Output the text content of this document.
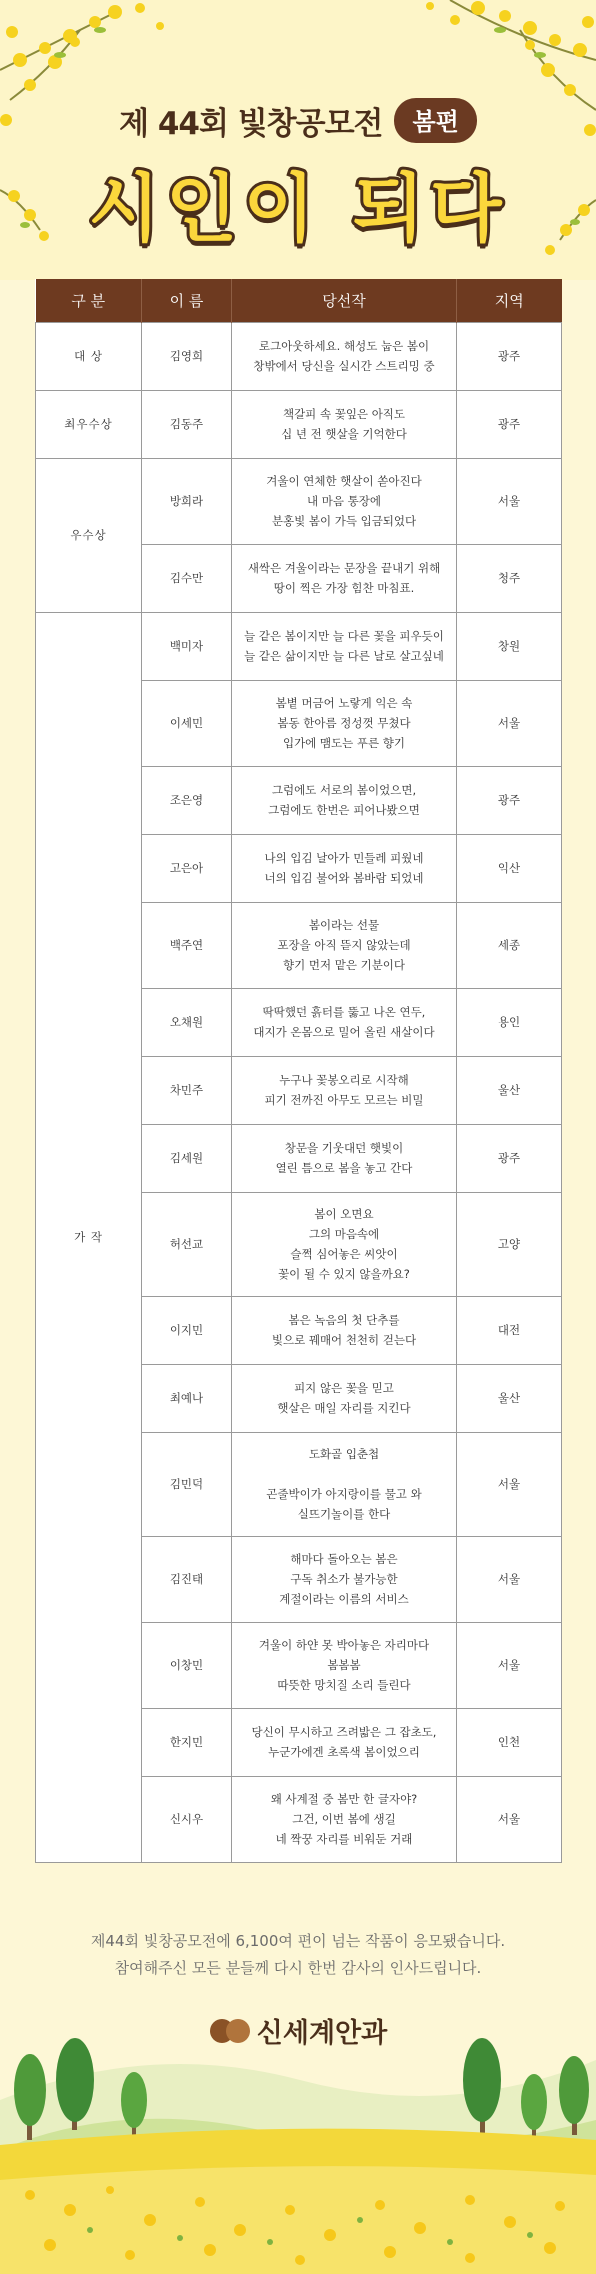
제 44회 빛창공모전 봄편
시인이 되다
구 분	이 름	당선작	지역
대 상	김영희	로그아웃하세요. 해성도 눕은 봄이
창밖에서 당신을 실시간 스트리밍 중	광주
최우수상	김동주	책갈피 속 꽃잎은 아직도
십 년 전 햇살을 기억한다	광주
우수상	방희라	겨울이 연체한 햇살이 쏟아진다
내 마음 통장에
분홍빛 봄이 가득 입금되었다	서울
	김수만	새싹은 겨울이라는 문장을 끝내기 위해
땅이 찍은 가장 힘찬 마침표.	청주
가 작	백미자	늘 같은 봄이지만 늘 다른 꽃을 피우듯이
늘 같은 삶이지만 늘 다른 날로 살고싶네	창원
	이세민	봄볕 머금어 노랗게 익은 속
봄동 한아름 정성껏 무쳤다
입가에 맴도는 푸른 향기	서울
	조은영	그럼에도 서로의 봄이었으면,
그럼에도 한번은 피어나봤으면	광주
	고은아	나의 입김 날아가 민들레 피웠네
너의 입김 불어와 봄바람 되었네	익산
	백주연	봄이라는 선물
포장을 아직 뜯지 않았는데
향기 먼저 맡은 기분이다	세종
	오채원	딱딱했던 흙터를 뚫고 나온 연두,
대지가 온몸으로 밀어 올린 새살이다	용인
	차민주	누구나 꽃봉오리로 시작해
피기 전까진 아무도 모르는 비밀	울산
	김세원	창문을 기웃대던 햇빛이
열린 틈으로 봄을 놓고 간다	광주
	허선교	봄이 오면요
그의 마음속에
슬쩍 심어놓은 씨앗이
꽃이 될 수 있지 않을까요?	고양
	이지민	봄은 녹음의 첫 단추를
빛으로 꿰매어 천천히 걷는다	대전
	최예나	피지 않은 꽃을 믿고
햇살은 매일 자리를 지킨다	울산
	김민덕	도화골 입춘첩

곤줄박이가 아지랑이를 물고 와
실뜨기놀이를 한다	서울
	김진태	해마다 돌아오는 봄은
구독 취소가 불가능한
계절이라는 이름의 서비스	서울
	이창민	겨울이 하얀 못 박아놓은 자리마다
봄봄봄
따뜻한 망치질 소리 들린다	서울
	한지민	당신이 무시하고 즈려밟은 그 잡초도,
누군가에겐 초록색 봄이었으리	인천
	신시우	왜 사계절 중 봄만 한 글자야?
그건, 이번 봄에 생길
네 짝꿍 자리를 비워둔 거래	서울
제44회 빛창공모전에 6,100여 편이 넘는 작품이 응모됐습니다.
참여해주신 모든 분들께 다시 한번 감사의 인사드립니다.
신세계안과
